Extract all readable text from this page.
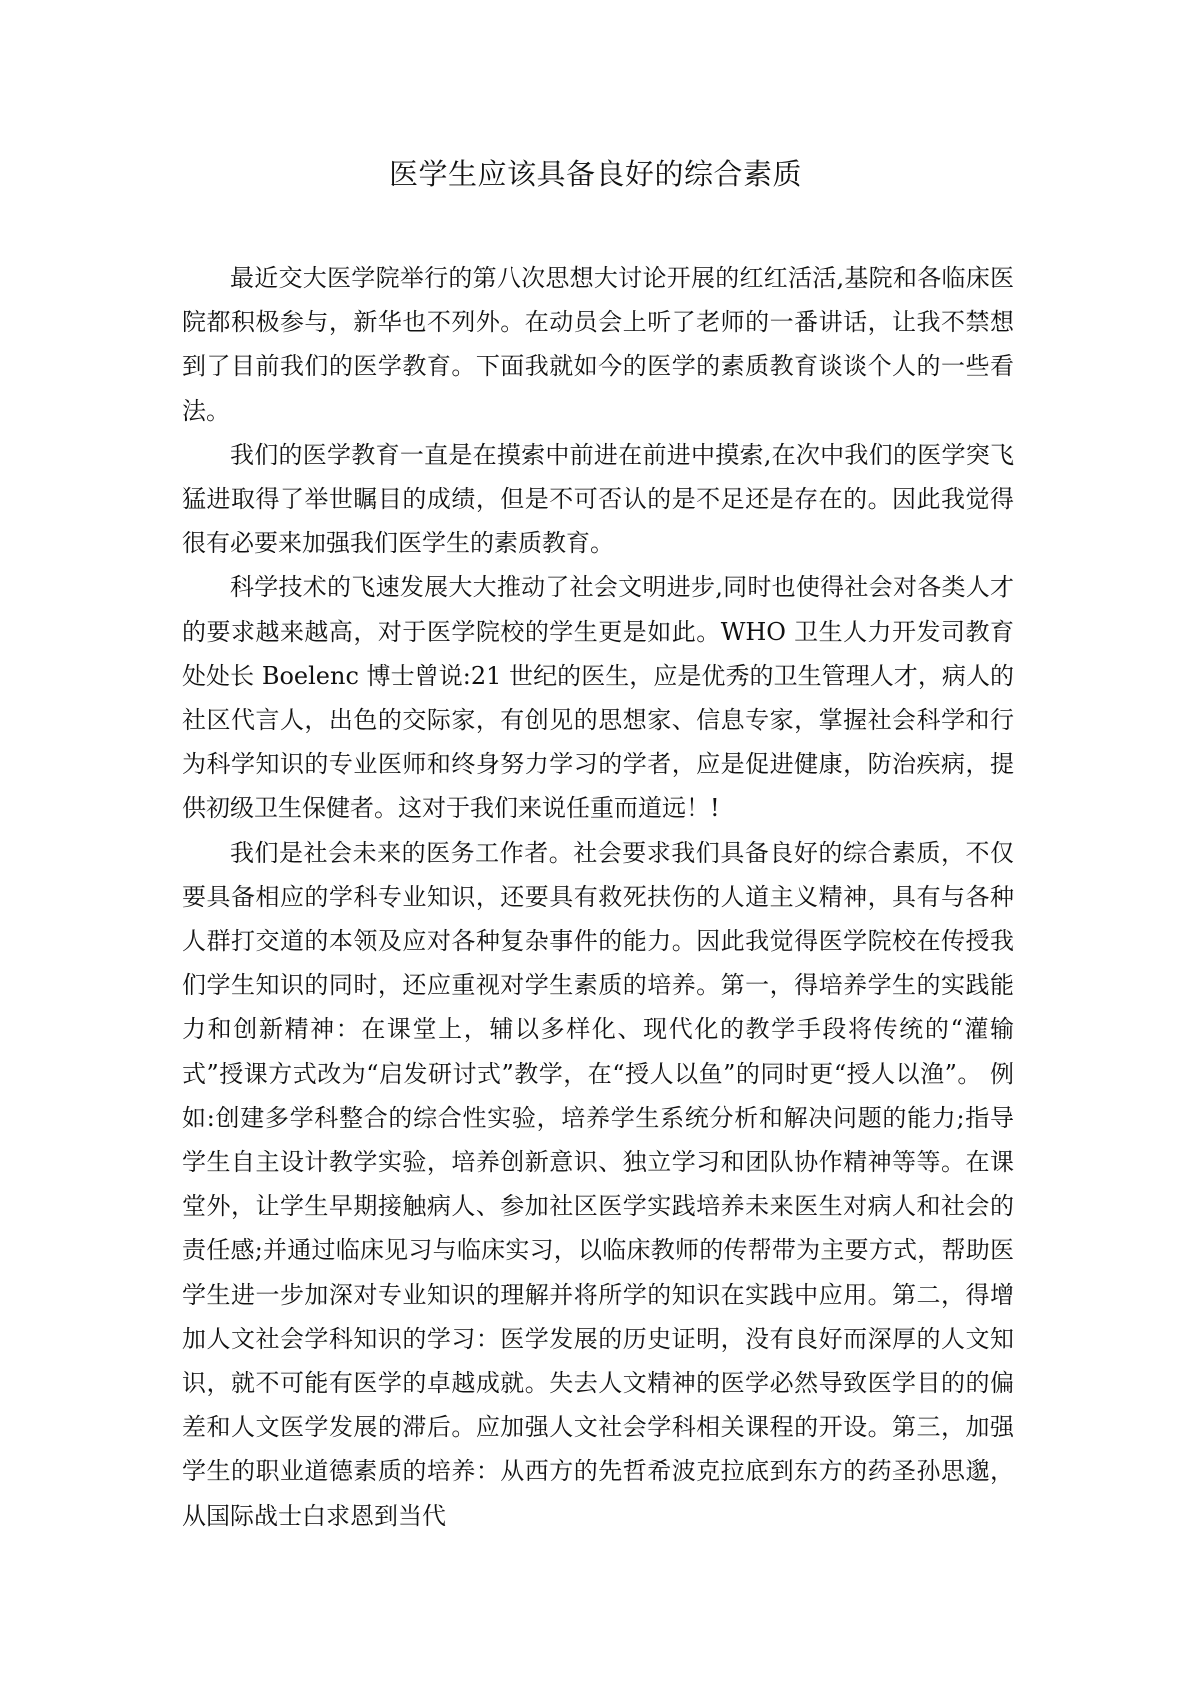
医学生应该具备良好的综合素质

最近交大医学院举行的第八次思想大讨论开展的红红活活,基院和各临床医院都积极参与，新华也不列外。在动员会上听了老师的一番讲话，让我不禁想到了目前我们的医学教育。下面我就如今的医学的素质教育谈谈个人的一些看法。

我们的医学教育一直是在摸索中前进在前进中摸索,在次中我们的医学突飞猛进取得了举世瞩目的成绩，但是不可否认的是不足还是存在的。因此我觉得很有必要来加强我们医学生的素质教育。

科学技术的飞速发展大大推动了社会文明进步,同时也使得社会对各类人才的要求越来越高，对于医学院校的学生更是如此。WHO 卫生人力开发司教育处处长 Boelenc 博士曾说:21 世纪的医生，应是优秀的卫生管理人才，病人的社区代言人，出色的交际家，有创见的思想家、信息专家，掌握社会科学和行为科学知识的专业医师和终身努力学习的学者，应是促进健康，防治疾病，提供初级卫生保健者。这对于我们来说任重而道远！!

我们是社会未来的医务工作者。社会要求我们具备良好的综合素质，不仅要具备相应的学科专业知识，还要具有救死扶伤的人道主义精神，具有与各种人群打交道的本领及应对各种复杂事件的能力。因此我觉得医学院校在传授我们学生知识的同时，还应重视对学生素质的培养。第一，得培养学生的实践能力和创新精神：在课堂上，辅以多样化、现代化的教学手段将传统的“灌输式”授课方式改为“启发研讨式”教学，在“授人以鱼”的同时更“授人以渔”。 例如:创建多学科整合的综合性实验，培养学生系统分析和解决问题的能力;指导学生自主设计教学实验，培养创新意识、独立学习和团队协作精神等等。在课堂外，让学生早期接触病人、参加社区医学实践培养未来医生对病人和社会的责任感;并通过临床见习与临床实习，以临床教师的传帮带为主要方式，帮助医学生进一步加深对专业知识的理解并将所学的知识在实践中应用。第二，得增加人文社会学科知识的学习：医学发展的历史证明，没有良好而深厚的人文知识，就不可能有医学的卓越成就。失去人文精神的医学必然导致医学目的的偏差和人文医学发展的滞后。应加强人文社会学科相关课程的开设。第三，加强学生的职业道德素质的培养：从西方的先哲希波克拉底到东方的药圣孙思邈，从国际战士白求恩到当代
